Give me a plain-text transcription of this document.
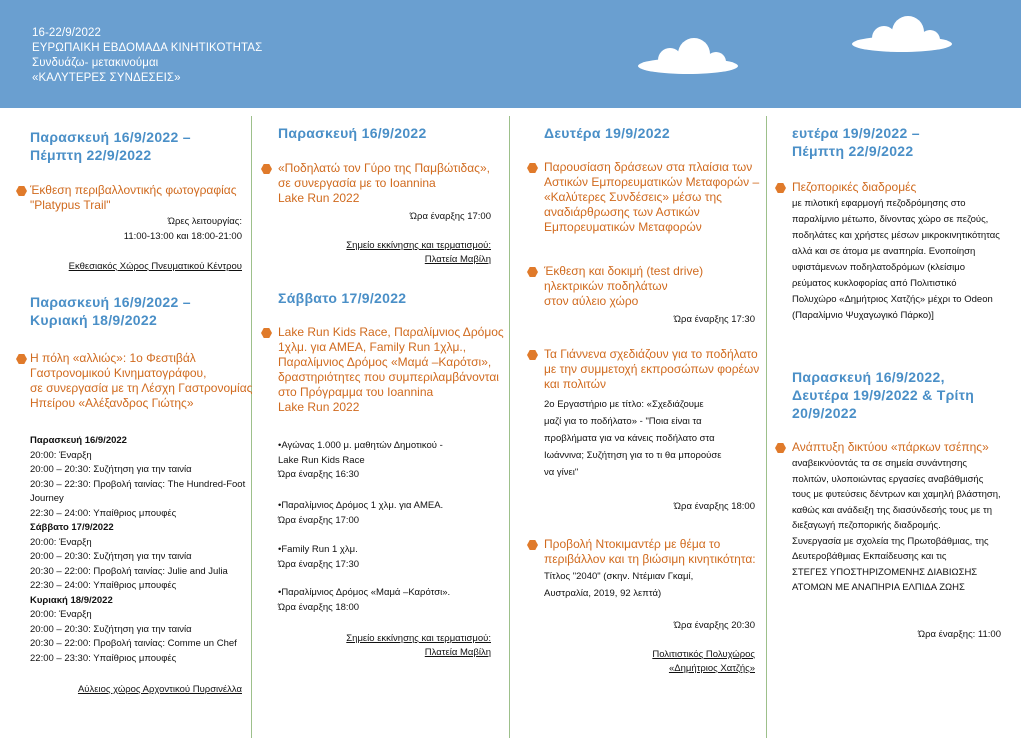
16-22/9/2022
ΕΥΡΩΠΑΙΚΗ ΕΒΔΟΜΑΔΑ ΚΙΝΗΤΙΚΟΤΗΤΑΣ
Συνδυάζω- μετακινούμαι
«ΚΑΛΥΤΕΡΕΣ ΣΥΝΔΕΣΕΙΣ»
Παρασκευή 16/9/2022 –
Πέμπτη 22/9/2022
Έκθεση περιβαλλοντικής φωτογραφίας
"Platypus Trail"
Ώρες λειτουργίας:
11:00-13:00 και 18:00-21:00
Εκθεσιακός Χώρος Πνευματικού Κέντρου
Παρασκευή 16/9/2022 –
Κυριακή 18/9/2022
Η πόλη «αλλιώς»: 1ο Φεστιβάλ
Γαστρονομικού Κινηματογράφου,
σε συνεργασία με τη Λέσχη Γαστρονομίας
Ηπείρου «Αλέξανδρος Γιώτης»
Παρασκευή 16/9/2022
20:00: Έναρξη
20:00 – 20:30: Συζήτηση για την ταινία
20:30 – 22:30: Προβολή ταινίας: The Hundred-Foot
Journey
22:30 – 24:00: Υπαίθριος μπουφές
Σάββατο 17/9/2022
20:00: Έναρξη
20:00 – 20:30: Συζήτηση για την ταινία
20:30 – 22:00: Προβολή ταινίας: Julie and Julia
22:30 – 24:00: Υπαίθριος μπουφές
Κυριακή 18/9/2022
20:00: Έναρξη
20:00 – 20:30: Συζήτηση για την ταινία
20:30 – 22:00: Προβολή ταινίας: Comme un Chef
22:00 – 23:30: Υπαίθριος μπουφές
Αύλειος χώρος Αρχοντικού Πυρσινέλλα
Παρασκευή 16/9/2022
«Ποδηλατώ τον Γύρο της Παμβώτιδας»,
σε συνεργασία με το Ioannina
Lake Run 2022
Ώρα έναρξης 17:00
Σημείο εκκίνησης και τερματισμού:
Πλατεία Μαβίλη
Σάββατο 17/9/2022
Lake Run Kids Race, Παραλίμνιος Δρόμος
1χλμ. για ΑΜΕΑ, Family Run 1χλμ.,
Παραλίμνιος Δρόμος «Μαμά –Καρότσι»,
δραστηριότητες που συμπεριλαμβάνονται
στο Πρόγραμμα του Ioannina
Lake Run 2022
•Αγώνας 1.000 μ. μαθητών Δημοτικού -
Lake Run Kids Race
Ώρα έναρξης 16:30
•Παραλίμνιος Δρόμος 1 χλμ. για ΑΜΕΑ.
Ώρα έναρξης 17:00
•Family Run 1 χλμ.
Ώρα έναρξης 17:30
•Παραλίμνιος Δρόμος «Μαμά –Καρότσι».
Ώρα έναρξης 18:00
Σημείο εκκίνησης και τερματισμού:
Πλατεία Μαβίλη
Δευτέρα 19/9/2022
Παρουσίαση δράσεων στα πλαίσια των
Αστικών Εμπορευματικών Μεταφορών –
«Καλύτερες Συνδέσεις» μέσω της
αναδιάρθρωσης των Αστικών
Εμπορευματικών Μεταφορών
Έκθεση και δοκιμή (test drive)
ηλεκτρικών ποδηλάτων
στον αύλειο χώρο
Ώρα έναρξης 17:30
Τα Γιάννενα σχεδιάζουν για το ποδήλατο
με την συμμετοχή εκπροσώπων φορέων
και πολιτών
2ο Εργαστήριο με τίτλο: «Σχεδιάζουμε
μαζί για το ποδήλατο» - "Ποια είναι τα
προβλήματα για να κάνεις ποδήλατο στα
Ιωάννινα; Συζήτηση για το τι θα μπορούσε
να γίνει"
Ώρα έναρξης 18:00
Προβολή Ντοκιμαντέρ με θέμα το
περιβάλλον και τη βιώσιμη κινητικότητα:
Τίτλος "2040" (σκην. Ντέμιαν Γκαμί,
Αυστραλία, 2019, 92 λεπτά)
Ώρα έναρξης 20:30
Πολιτιστικός Πολυχώρος
«Δημήτριος Χατζής»
ευτέρα 19/9/2022 –
Πέμπτη 22/9/2022
Πεζοπορικές διαδρομές
με πιλοτική εφαρμογή πεζοδρόμησης στο
παραλίμνιο μέτωπο, δίνοντας χώρο σε πεζούς,
ποδηλάτες και χρήστες μέσων μικροκινητικότητας
αλλά και σε άτομα με αναπηρία. Ενοποίηση
υφιστάμενων ποδηλατοδρόμων (κλείσιμο
ρεύματος κυκλοφορίας από Πολιτιστικό
Πολυχώρο «Δημήτριος Χατζής» μέχρι το Odeon
(Παραλίμνιο Ψυχαγωγικό Πάρκο)]
Παρασκευή 16/9/2022,
Δευτέρα 19/9/2022 & Τρίτη
20/9/2022
Ανάπτυξη δικτύου «πάρκων τσέπης»
αναβεικνύοντάς τα σε σημεία συνάντησης
πολιτών, υλοποιώντας εργασίες αναβάθμισής
τους με φυτεύσεις δέντρων και χαμηλή βλάστηση,
καθώς και ανάδειξη της διασύνδεσής τους με τη
διεξαγωγή πεζοπορικής διαδρομής.
Συνεργασία με σχολεία της Πρωτοβάθμιας, της
Δευτεροβάθμιας Εκπαίδευσης και τις
ΣΤΕΓΕΣ ΥΠΟΣΤΗΡΙΖΟΜΕΝΗΣ ΔΙΑΒΙΩΣΗΣ
ΑΤΟΜΩΝ ΜΕ ΑΝΑΠΗΡΙΑ ΕΛΠΙΔΑ ΖΩΗΣ
Ώρα έναρξης: 11:00
